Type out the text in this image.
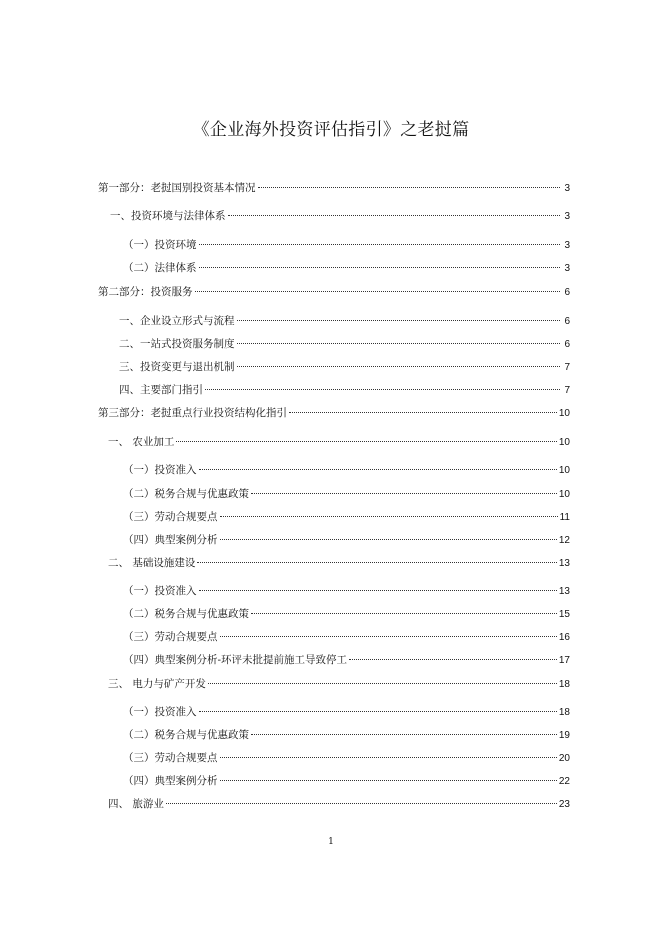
《企业海外投资评估指引》之老挝篇
第一部分：老挝国别投资基本情况	3
一、投资环境与法律体系	3
（一）投资环境	3
（二）法律体系	3
第二部分：投资服务	6
一、企业设立形式与流程	6
二、一站式投资服务制度	6
三、投资变更与退出机制	7
四、主要部门指引	7
第三部分：老挝重点行业投资结构化指引	10
一、 农业加工	10
（一）投资准入	10
（二）税务合规与优惠政策	10
（三）劳动合规要点	11
（四）典型案例分析	12
二、 基础设施建设	13
（一）投资准入	13
（二）税务合规与优惠政策	15
（三）劳动合规要点	16
（四）典型案例分析-环评未批提前施工导致停工	17
三、 电力与矿产开发	18
（一）投资准入	18
（二）税务合规与优惠政策	19
（三）劳动合规要点	20
（四）典型案例分析	22
四、 旅游业	23
1
